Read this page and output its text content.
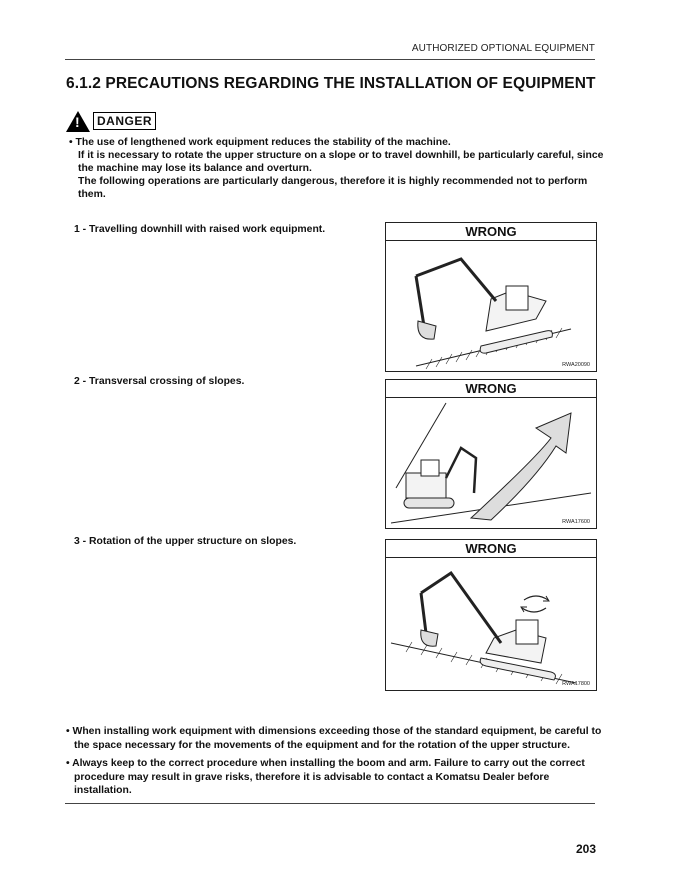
AUTHORIZED OPTIONAL EQUIPMENT
6.1.2 PRECAUTIONS REGARDING THE INSTALLATION OF EQUIPMENT
!	DANGER

• The use of lengthened work equipment reduces the stability of the machine.

If it is necessary to rotate the upper structure on a slope or to travel downhill, be particularly careful, since the machine may lose its balance and overturn.

The following operations are particularly dangerous, therefore it is highly recommended not to perform them.

1 - Travelling downhill with raised work equipment.	WRONG
RWA20090
2 - Transversal crossing of slopes.	WRONG
RWA17600
3 - Rotation of the upper structure on slopes.	WRONG
RWA17800

• When installing work equipment with dimensions exceeding those of the standard equipment, be careful to the space necessary for the movements of the equipment and for the rotation of the upper structure.

• Always keep to the correct procedure when installing the boom and arm. Failure to carry out the correct procedure may result in grave risks, therefore it is advisable to contact a Komatsu Dealer before installation.

203
